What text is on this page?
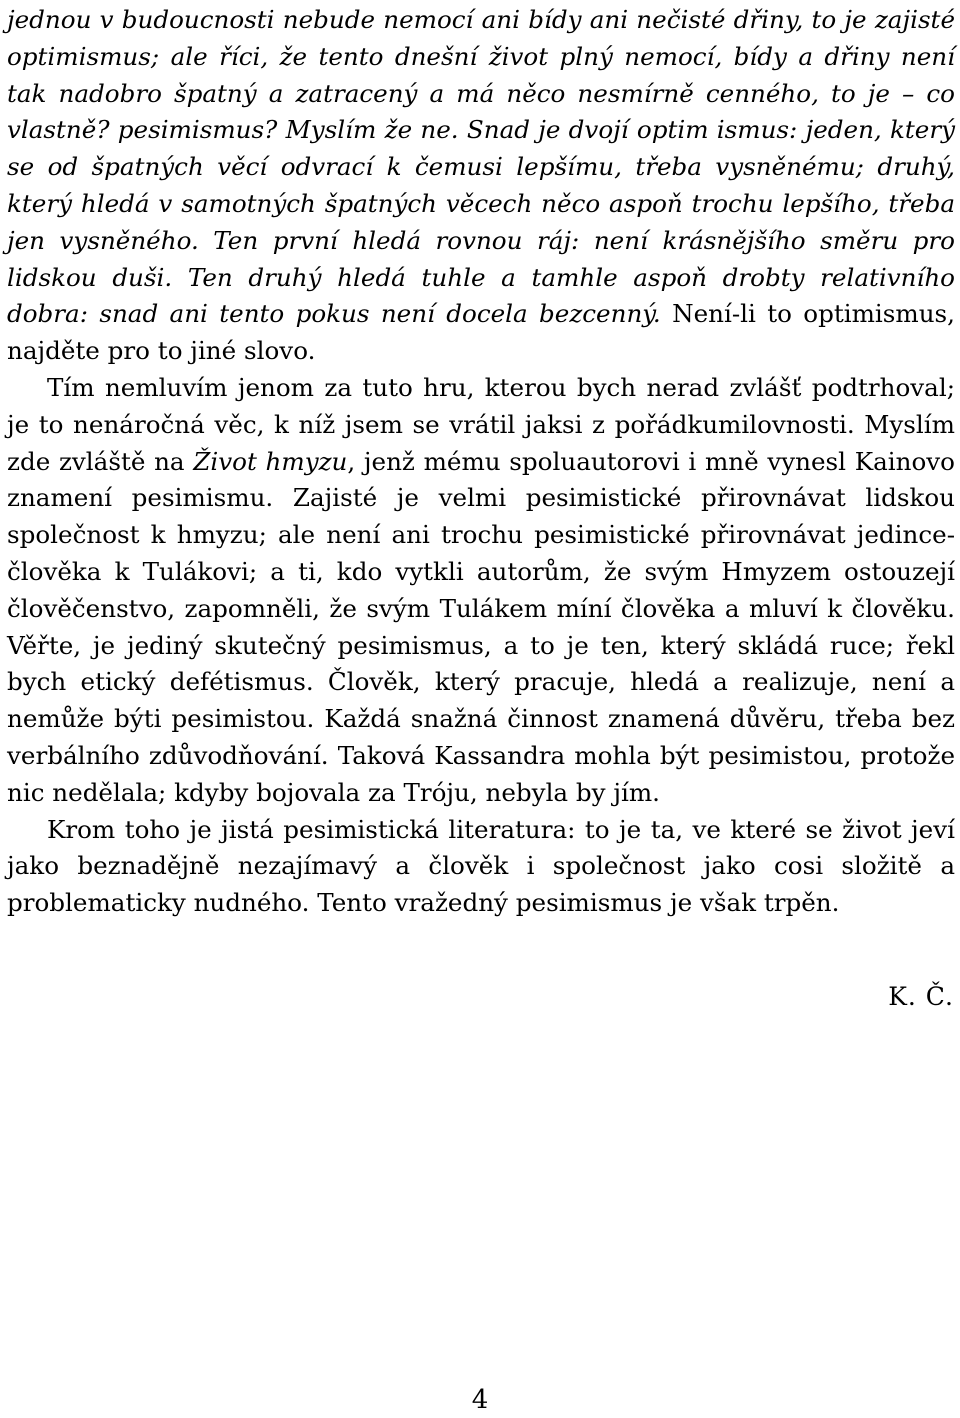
jednou v budoucnosti nebude nemocí ani bídy ani nečisté dřiny, to je zajisté optimismus; ale říci, že tento dnešní život plný nemocí, bídy a dřiny není tak nadobro špatný a zatracený a má něco nesmírně cenného, to je – co vlastně? pesimismus? Myslím že ne. Snad je dvojí optim ismus: jeden, který se od špatných věcí odvrací k čemusi lepšímu, třeba vysněnému; druhý, který hledá v samotných špatných věcech něco aspoň trochu lepšího, třeba jen vysněného. Ten první hledá rovnou ráj: není krásnějšího směru pro lidskou duši. Ten druhý hledá tuhle a tamhle aspoň drobty relativního dobra: snad ani tento pokus není docela bezcenný. Není-li to optimismus, najděte pro to jiné slovo.

Tím nemluvím jenom za tuto hru, kterou bych nerad zvlášť podtrhoval; je to nenáročná věc, k níž jsem se vrátil jaksi z pořádkumilovnosti. Myslím zde zvláště na Život hmyzu, jenž mému spoluautorovi i mně vynesl Kainovo znamení pesimismu. Zajisté je velmi pesimistické přirovnávat lidskou společnost k hmyzu; ale není ani trochu pesimistické přirovnávat jedince-člověka k Tulákovi; a ti, kdo vytkli autorům, že svým Hmyzem ostouzejí člověčenstvo, zapomněli, že svým Tulákem míní člověka a mluví k člověku. Věřte, je jediný skutečný pesimismus, a to je ten, který skládá ruce; řekl bych etický defétismus. Člověk, který pracuje, hledá a realizuje, není a nemůže býti pesimistou. Každá snažná činnost znamená důvěru, třeba bez verbálního zdůvodňování. Taková Kassandra mohla být pesimistou, protože nic nedělala; kdyby bojovala za Tróju, nebyla by jím.

Krom toho je jistá pesimistická literatura: to je ta, ve které se život jeví jako beznadějně nezajímavý a člověk i společnost jako cosi složitě a problematicky nudného. Tento vražedný pesimismus je však trpěn.

K. Č.
4
